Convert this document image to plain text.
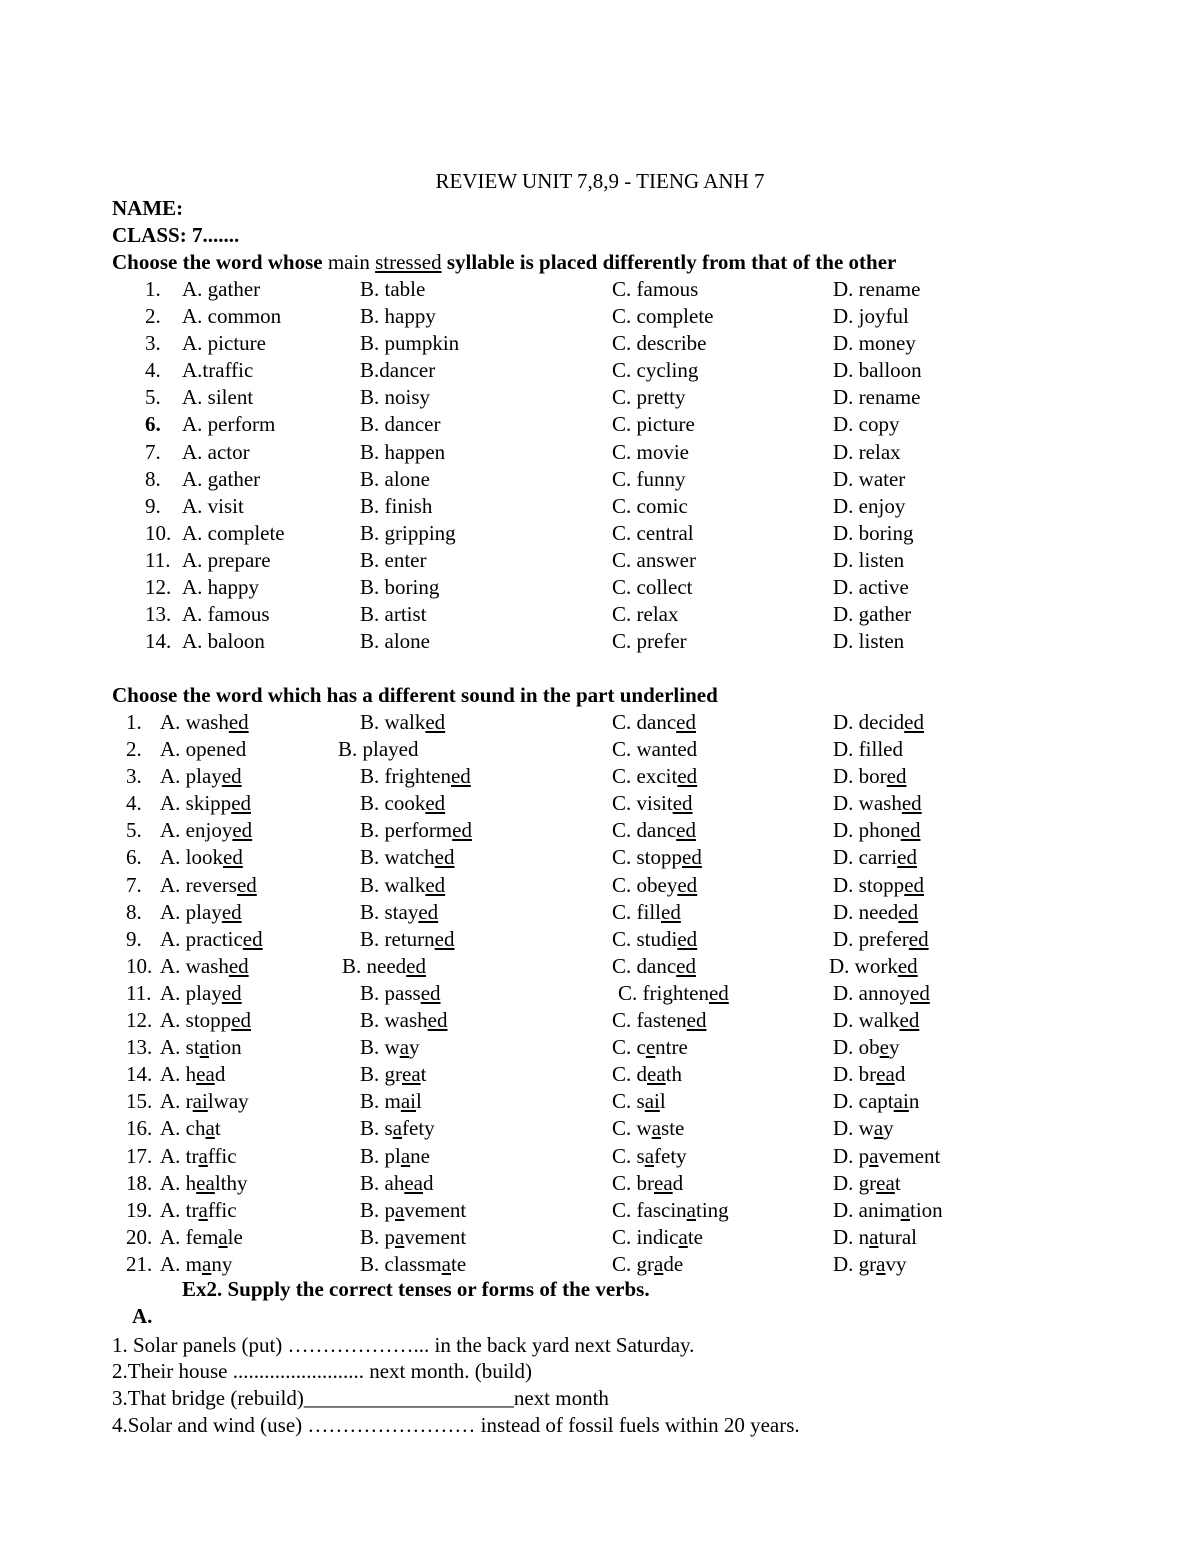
REVIEW UNIT 7,8,9 - TIENG ANH 7
NAME:
CLASS: 7.......
Choose the word whose main stressed syllable is placed differently from that of the other
1. A. gather	B. table	C. famous	D. rename
2. A. common	B. happy	C. complete	D. joyful
3. A. picture	B. pumpkin	C. describe	D. money
4. A.traffic	B.dancer	C. cycling	D. balloon
5. A. silent	B. noisy	C. pretty	D. rename
6. A. perform	B. dancer	C. picture	D. copy
7. A. actor	B. happen	C. movie	D. relax
8. A. gather	B. alone	C. funny	D. water
9. A. visit	B. finish	C. comic	D. enjoy
10. A. complete	B. gripping	C. central	D. boring
11. A. prepare	B. enter	C. answer	D. listen
12. A. happy	B. boring	C. collect	D. active
13. A. famous	B. artist	C. relax	D. gather
14. A. baloon	B. alone	C. prefer	D. listen
Choose the word which has a different sound in the part underlined
1. A. washed	B. walked	C. danced	D. decided
2. A. opened	B. played	C. wanted	D. filled
3. A. played	B. frightened	C. excited	D. bored
4. A. skipped	B. cooked	C. visited	D. washed
5. A. enjoyed	B. performed	C. danced	D. phoned
6. A. looked	B. watched	C. stopped	D. carried
7. A. reversed	B. walked	C. obeyed	D. stopped
8. A. played	B. stayed	C. filled	D. needed
9. A. practiced	B. returned	C. studied	D. prefered
10. A. washed	B. needed	C. danced	D. worked
11. A. played	B. passed	C. frightened	D. annoyed
12. A. stopped	B. washed	C. fastened	D. walked
13. A. station	B. way	C. centre	D. obey
14. A. head	B. great	C. death	D. bread
15. A. railway	B. mail	C. sail	D. captain
16. A. chat	B. safety	C. waste	D. way
17. A. traffic	B. plane	C. safety	D. pavement
18. A. healthy	B. ahead	C. bread	D. great
19. A. traffic	B. pavement	C. fascinating	D. animation
20. A. female	B. pavement	C. indicate	D. natural
21. A. many	B. classmate	C. grade	D. gravy
Ex2. Supply the correct tenses or forms of the verbs.
A.
1. Solar panels (put) ………………... in the back yard next Saturday.
2.Their house ......................... next month. (build)
3.That bridge (rebuild)____________________next month
4.Solar and wind (use) …………………… instead of fossil fuels within 20 years.
